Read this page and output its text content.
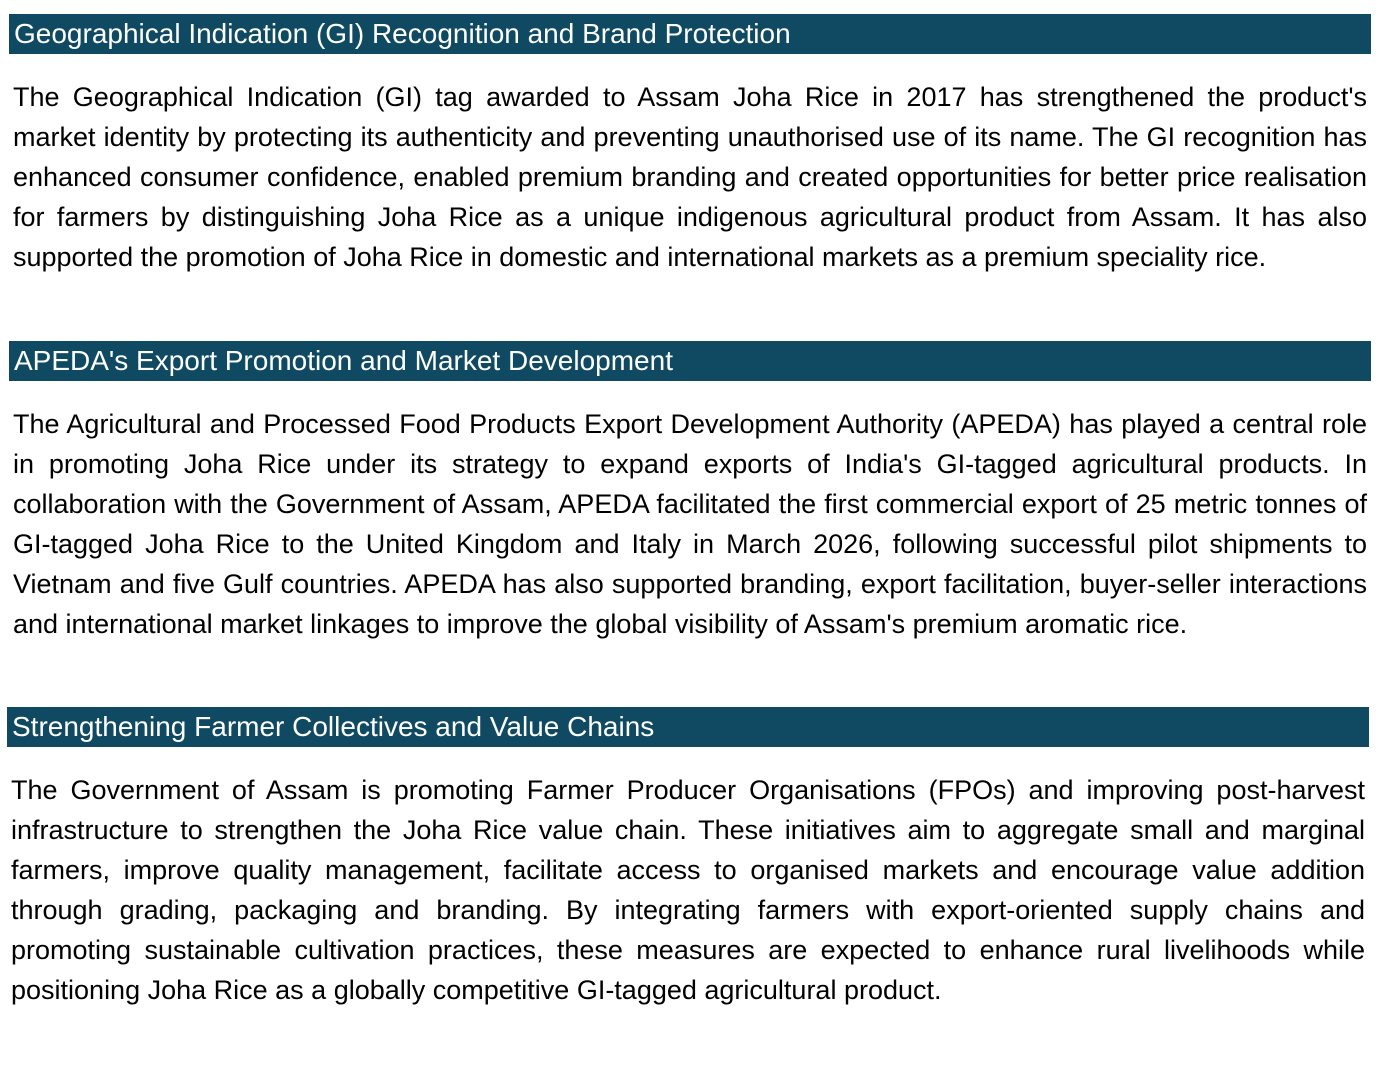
Geographical Indication (GI) Recognition and Brand Protection

The Geographical Indication (GI) tag awarded to Assam Joha Rice in 2017 has strengthened the product's market identity by protecting its authenticity and preventing unauthorised use of its name. The GI recognition has enhanced consumer confidence, enabled premium branding and created opportunities for better price realisation for farmers by distinguishing Joha Rice as a unique indigenous agricultural product from Assam. It has also supported the promotion of Joha Rice in domestic and international markets as a premium speciality rice.

APEDA's Export Promotion and Market Development

The Agricultural and Processed Food Products Export Development Authority (APEDA) has played a central role in promoting Joha Rice under its strategy to expand exports of India's GI-tagged agricultural products. In collaboration with the Government of Assam, APEDA facilitated the first commercial export of 25 metric tonnes of GI-tagged Joha Rice to the United Kingdom and Italy in March 2026, following successful pilot shipments to Vietnam and five Gulf countries. APEDA has also supported branding, export facilitation, buyer-seller interactions and international market linkages to improve the global visibility of Assam's premium aromatic rice.

Strengthening Farmer Collectives and Value Chains

The Government of Assam is promoting Farmer Producer Organisations (FPOs) and improving post-harvest infrastructure to strengthen the Joha Rice value chain. These initiatives aim to aggregate small and marginal farmers, improve quality management, facilitate access to organised markets and encourage value addition through grading, packaging and branding. By integrating farmers with export-oriented supply chains and promoting sustainable cultivation practices, these measures are expected to enhance rural livelihoods while positioning Joha Rice as a globally competitive GI-tagged agricultural product.
